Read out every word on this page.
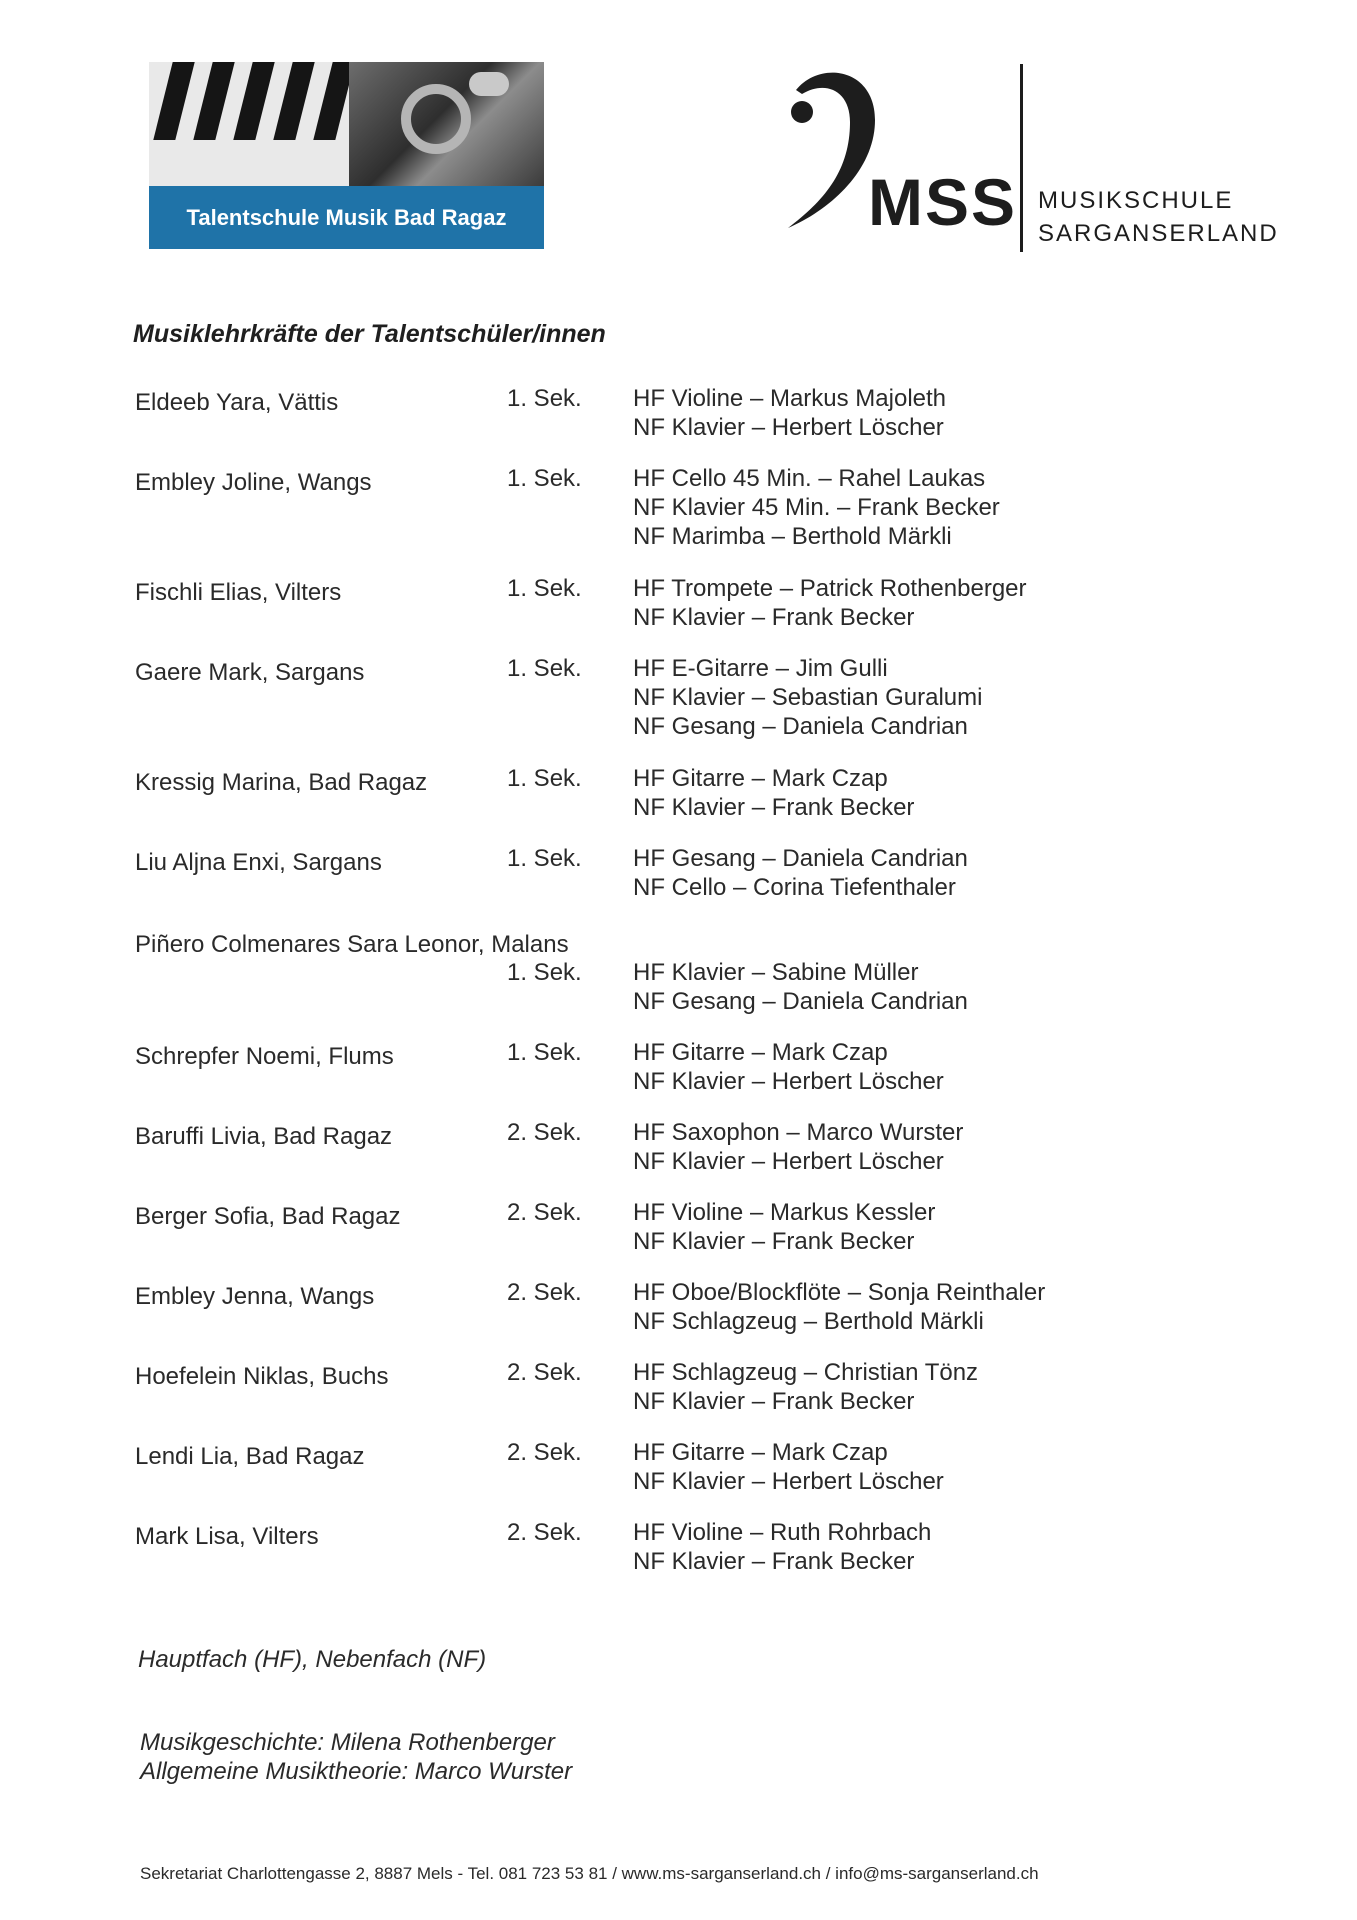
Talentschule Musik Bad Ragaz	MSS MUSIKSCHULE
SARGANSERLAND
Musiklehrkräfte der Talentschüler/innen
Eldeeb Yara, Vättis	1. Sek. HF Violine – Markus Majoleth
NF Klavier – Herbert Löscher
Embley Joline, Wangs	1. Sek. HF Cello 45 Min. – Rahel Laukas
NF Klavier 45 Min. – Frank Becker
NF Marimba – Berthold Märkli
Fischli Elias, Vilters	1. Sek. HF Trompete – Patrick Rothenberger
NF Klavier – Frank Becker
Gaere Mark, Sargans	1. Sek. HF E-Gitarre – Jim Gulli
NF Klavier – Sebastian Guralumi
NF Gesang – Daniela Candrian
Kressig Marina, Bad Ragaz	1. Sek. HF Gitarre – Mark Czap
NF Klavier – Frank Becker
Liu Aljna Enxi, Sargans	1. Sek. HF Gesang – Daniela Candrian
NF Cello – Corina Tiefenthaler
Piñero Colmenares Sara Leonor, Malans
1. Sek. HF Klavier – Sabine Müller
NF Gesang – Daniela Candrian
Schrepfer Noemi, Flums	1. Sek. HF Gitarre – Mark Czap
NF Klavier – Herbert Löscher
Baruffi Livia, Bad Ragaz	2. Sek. HF Saxophon – Marco Wurster
NF Klavier – Herbert Löscher
Berger Sofia, Bad Ragaz	2. Sek. HF Violine – Markus Kessler
NF Klavier – Frank Becker
Embley Jenna, Wangs	2. Sek. HF Oboe/Blockflöte – Sonja Reinthaler
NF Schlagzeug – Berthold Märkli
Hoefelein Niklas, Buchs	2. Sek. HF Schlagzeug – Christian Tönz
NF Klavier – Frank Becker
Lendi Lia, Bad Ragaz	2. Sek. HF Gitarre – Mark Czap
NF Klavier – Herbert Löscher
Mark Lisa, Vilters	2. Sek. HF Violine – Ruth Rohrbach
NF Klavier – Frank Becker
Hauptfach (HF), Nebenfach (NF)
Musikgeschichte: Milena Rothenberger
Allgemeine Musiktheorie: Marco Wurster
Sekretariat Charlottengasse 2, 8887 Mels - Tel. 081 723 53 81 / www.ms-sarganserland.ch / info@ms-sarganserland.ch
